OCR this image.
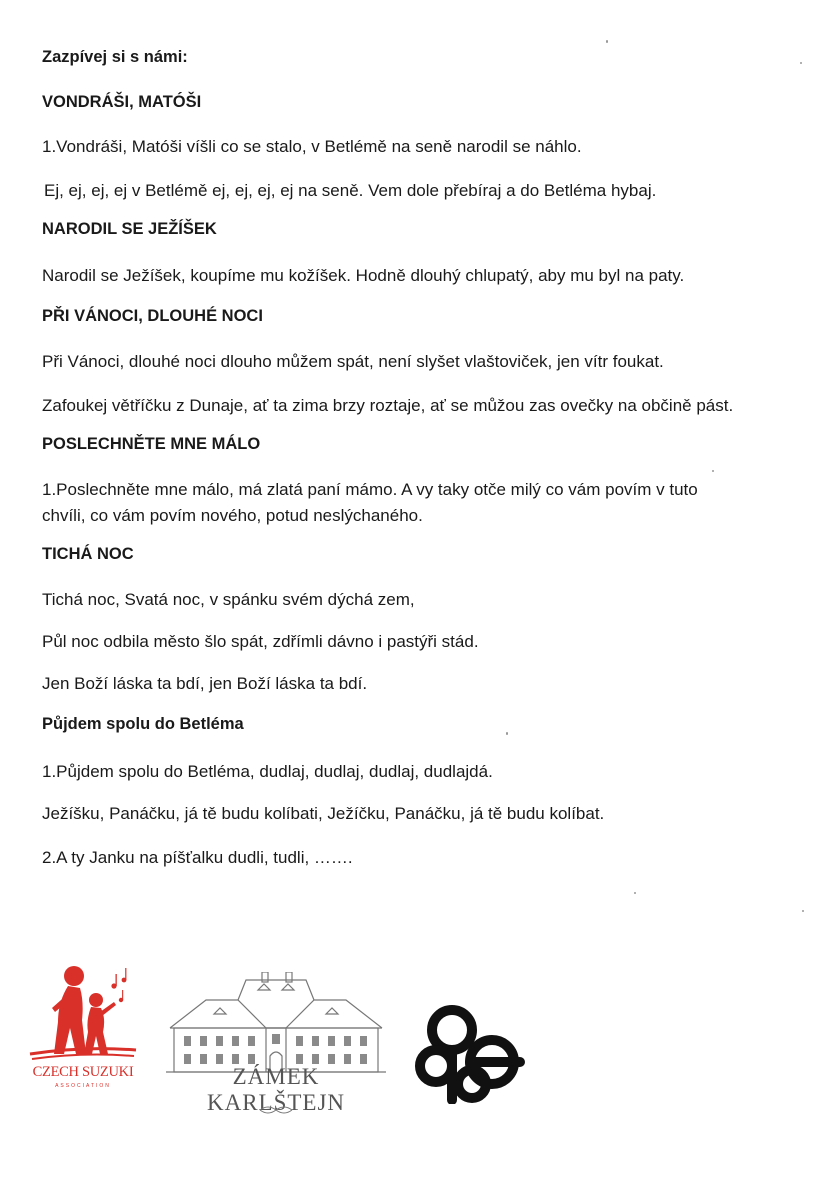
Zazpívej si s námi:
VONDRÁŠI, MATÓŠI
1.Vondráši, Matóši víšli co se stalo, v Betlémě na seně narodil se náhlo.
Ej, ej, ej, ej v Betlémě ej, ej, ej, ej na seně. Vem dole přebíraj a do Betléma hybaj.
NARODIL SE JEŽÍŠEK
Narodil se Ježíšek, koupíme mu kožíšek. Hodně dlouhý chlupatý, aby mu byl na paty.
PŘI VÁNOCI, DLOUHÉ NOCI
Při Vánoci, dlouhé noci dlouho můžem spát, není slyšet vlaštoviček, jen vítr foukat.
Zafoukej větříčku z Dunaje, ať ta zima brzy roztaje, ať se můžou zas ovečky na občině pást.
POSLECHNĚTE MNE MÁLO
1.Poslechněte mne málo, má zlatá paní mámo. A vy taky otče milý co vám povím v tuto
chvíli, co vám povím nového, potud neslýchaného.
TICHÁ NOC
Tichá noc, Svatá noc, v spánku svém dýchá zem,
Půl noc odbila město šlo spát, zdřímli dávno i pastýři stád.
Jen Boží láska ta bdí, jen Boží láska ta bdí.
Půjdem spolu do Betléma
1.Půjdem spolu do Betléma, dudlaj, dudlaj, dudlaj, dudlajdá.
Ježíšku, Panáčku, já tě budu kolíbati, Ježíčku, Panáčku, já tě budu kolíbat.
2.A ty Janku na píšťalku dudli, tudli, …….
CZECH SUZUKI
ASSOCIATION	ZÁMEK KARLŠTEJN
